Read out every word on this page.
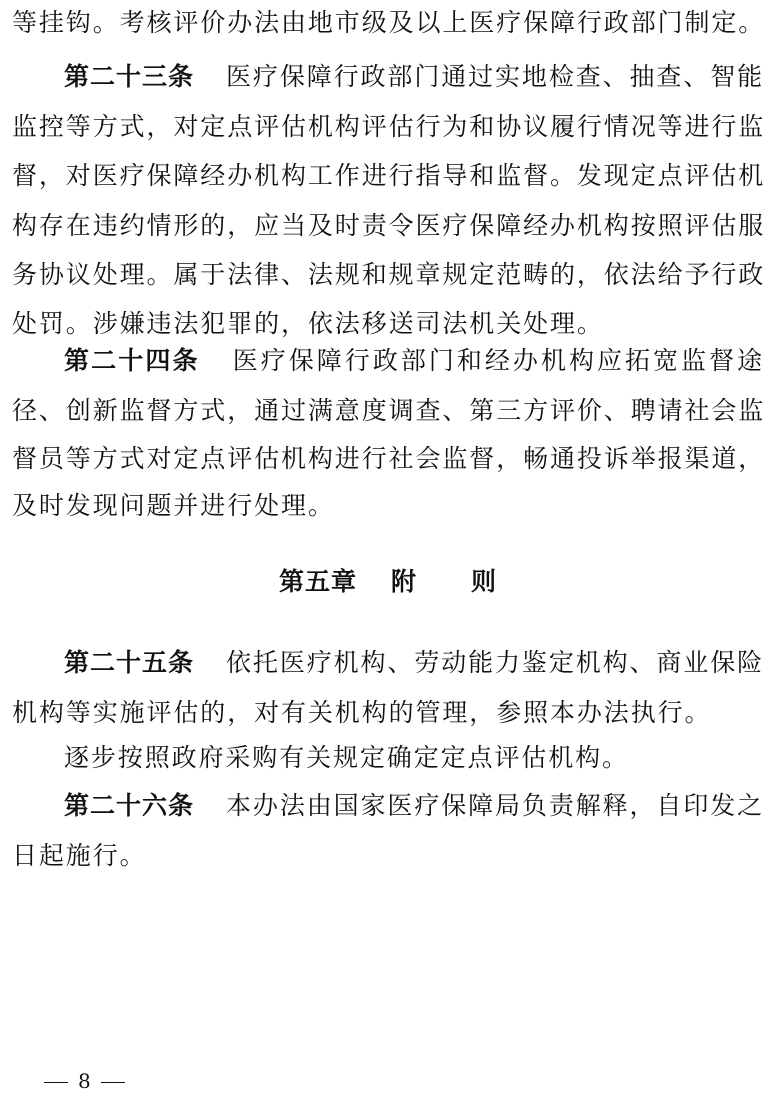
等挂钩。考核评价办法由地市级及以上医疗保障行政部门制定。
第二十三条 医疗保障行政部门通过实地检查、抽查、智能
监控等方式，对定点评估机构评估行为和协议履行情况等进行监
督，对医疗保障经办机构工作进行指导和监督。发现定点评估机
构存在违约情形的，应当及时责令医疗保障经办机构按照评估服
务协议处理。属于法律、法规和规章规定范畴的，依法给予行政
处罚。涉嫌违法犯罪的，依法移送司法机关处理。
第二十四条 医疗保障行政部门和经办机构应拓宽监督途
径、创新监督方式，通过满意度调查、第三方评价、聘请社会监
督员等方式对定点评估机构进行社会监督，畅通投诉举报渠道，
及时发现问题并进行处理。
第五章 附 则
第二十五条 依托医疗机构、劳动能力鉴定机构、商业保险
机构等实施评估的，对有关机构的管理，参照本办法执行。
逐步按照政府采购有关规定确定定点评估机构。
第二十六条 本办法由国家医疗保障局负责解释，自印发之
日起施行。
8
